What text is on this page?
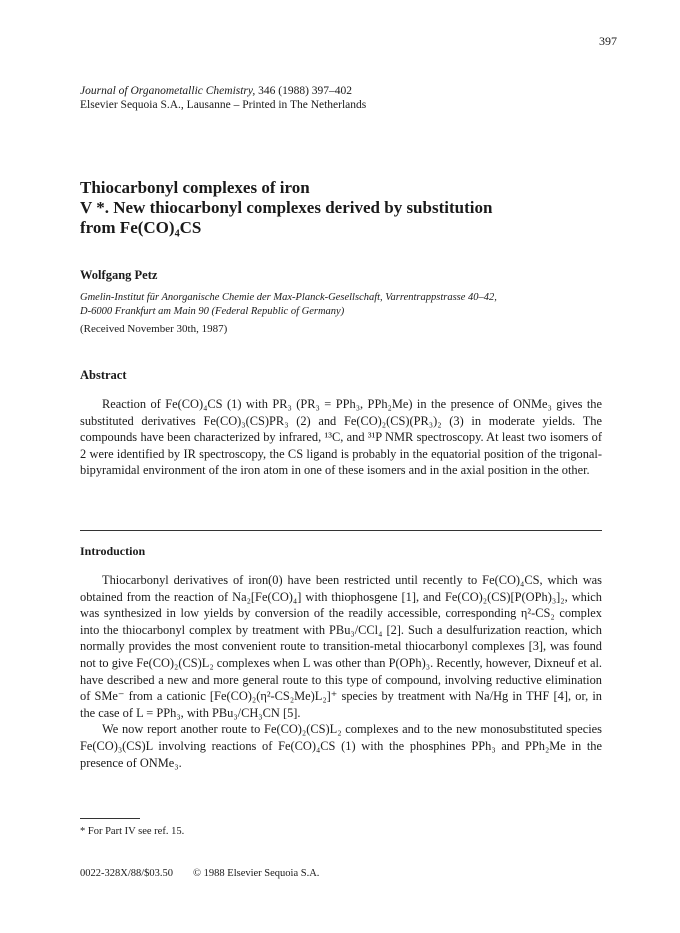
397
Journal of Organometallic Chemistry, 346 (1988) 397–402
Elsevier Sequoia S.A., Lausanne – Printed in The Netherlands
Thiocarbonyl complexes of iron
V *. New thiocarbonyl complexes derived by substitution
from Fe(CO)₄CS
Wolfgang Petz
Gmelin-Institut für Anorganische Chemie der Max-Planck-Gesellschaft, Varrentrappstrasse 40–42,
D-6000 Frankfurt am Main 90 (Federal Republic of Germany)
(Received November 30th, 1987)
Abstract

Reaction of Fe(CO)₄CS (1) with PR₃ (PR₃ = PPh₃, PPh₂Me) in the presence of ONMe₃ gives the substituted derivatives Fe(CO)₃(CS)PR₃ (2) and Fe(CO)₂(CS)(PR₃)₂ (3) in moderate yields. The compounds have been characterized by infrared, ¹³C, and ³¹P NMR spectroscopy. At least two isomers of 2 were identified by IR spectroscopy, the CS ligand is probably in the equatorial position of the trigonal-bipyramidal environment of the iron atom in one of these isomers and in the axial position in the other.

Introduction

Thiocarbonyl derivatives of iron(0) have been restricted until recently to Fe(CO)₄CS, which was obtained from the reaction of Na₂[Fe(CO)₄] with thiophosgene [1], and Fe(CO)₂(CS)[P(OPh)₃]₂, which was synthesized in low yields by conversion of the readily accessible, corresponding η²-CS₂ complex into the thiocarbonyl complex by treatment with PBu₃/CCl₄ [2]. Such a desulfurization reaction, which normally provides the most convenient route to transition-metal thiocarbonyl complexes [3], was found not to give Fe(CO)₂(CS)L₂ complexes when L was other than P(OPh)₃. Recently, however, Dixneuf et al. have described a new and more general route to this type of compound, involving reductive elimination of SMe⁻ from a cationic [Fe(CO)₂(η²-CS₂Me)L₂]⁺ species by treatment with Na/Hg in THF [4], or, in the case of L = PPh₃, with PBu₃/CH₃CN [5].

We now report another route to Fe(CO)₂(CS)L₂ complexes and to the new monosubstituted species Fe(CO)₃(CS)L involving reactions of Fe(CO)₄CS (1) with the phosphines PPh₃ and PPh₂Me in the presence of ONMe₃.

* For Part IV see ref. 15.
0022-328X/88/$03.50 © 1988 Elsevier Sequoia S.A.
